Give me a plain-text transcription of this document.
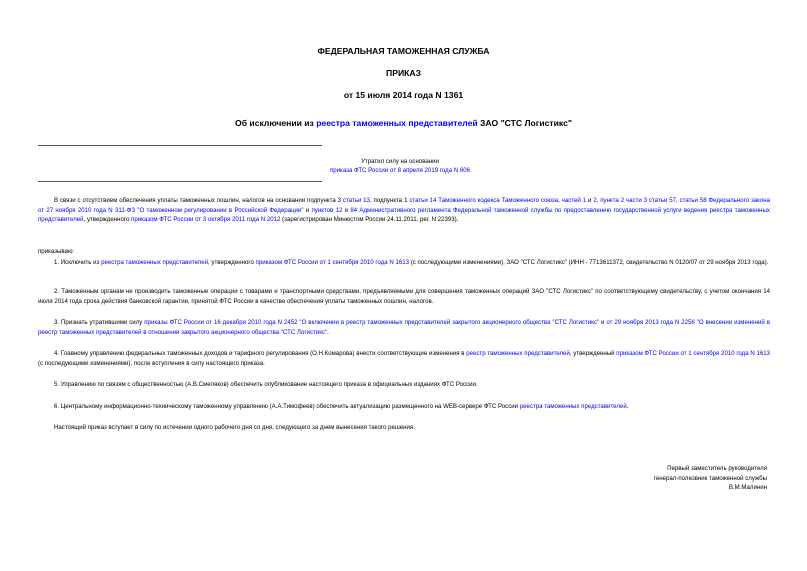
ФЕДЕРАЛЬНАЯ ТАМОЖЕННАЯ СЛУЖБА
ПРИКАЗ
от 15 июля 2014 года N 1361
Об исключении из реестра таможенных представителей ЗАО "СТС Логистикс"
Утратил силу на основании
приказа ФТС России от 8 апреля 2019 года N 606
В связи с отсутствием обеспечения уплаты таможенных пошлин, налогов на основании подпункта 3 статьи 13, подпункта 1 статьи 14 Таможенного кодекса Таможенного союза, частей 1 и 2, пункта 2 части 3 статьи 57, статьи 58 Федерального закона от 27 ноября 2010 года N 311-ФЗ "О таможенном регулировании в Российской Федерации" и пунктов 12 и 84 Административного регламента Федеральной таможенной службы по предоставлению государственной услуги ведения реестра таможенных представителей, утвержденного приказом ФТС России от 3 октября 2011 года N 2012 (зарегистрирован Минюстом России 24.11.2011, рег. N 22393),
приказываю:
1. Исключить из реестра таможенных представителей, утвержденного приказом ФТС России от 1 сентября 2010 года N 1613 (с последующими изменениями), ЗАО "СТС Логистикс" (ИНН - 7713611372, свидетельство N 0120/07 от 29 ноября 2013 года).
2. Таможенным органам не производить таможенные операции с товарами и транспортными средствами, предъявляемыми для совершения таможенных операций ЗАО "СТС Логистикс" по соответствующему свидетельству, с учетом окончания 14 июля 2014 года срока действия банковской гарантии, принятой ФТС России в качестве обеспечения уплаты таможенных пошлин, налогов.
3. Признать утратившими силу приказы ФТС России от 16 декабря 2010 года N 2452 "О включении в реестр таможенных представителей закрытого акционерного общества "СТС Логистикс" и от 29 ноября 2013 года N 2258 "О внесении изменений в реестр таможенных представителей в отношении закрытого акционерного общества "СТС Логистикс".
4. Главному управлению федеральных таможенных доходов и тарифного регулирования (О.Н.Комарова) внести соответствующие изменения в реестр таможенных представителей, утвержденный приказом ФТС России от 1 сентября 2010 года N 1613 (с последующими изменениями), после вступления в силу настоящего приказа.
5. Управлению по связям с общественностью (А.В.Смеляков) обеспечить опубликование настоящего приказа в официальных изданиях ФТС России.
6. Центральному информационно-техническому таможенному управлению (А.А.Тимофеев) обеспечить актуализацию размещенного на WEB-сервере ФТС России реестра таможенных представителей.
Настоящий приказ вступает в силу по истечении одного рабочего дня со дня, следующего за днем вынесения такого решения.
Первый заместитель руководителя
генерал-полковник таможенной службы
В.М.Малинин
